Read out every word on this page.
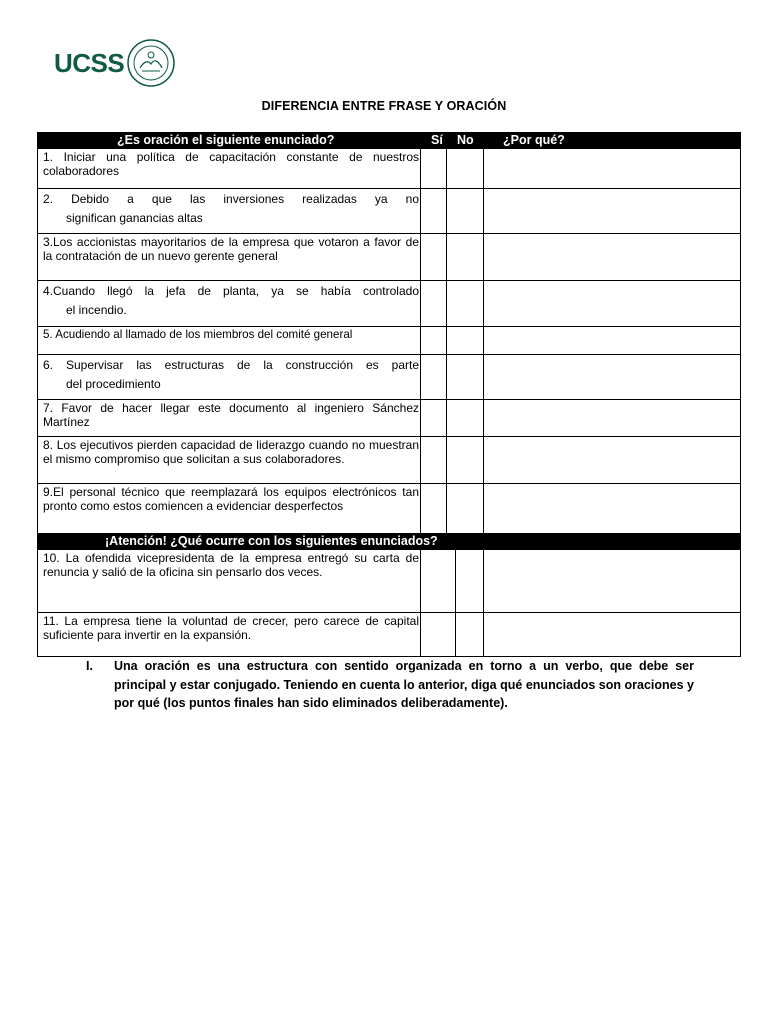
UCSS
DIFERENCIA ENTRE FRASE Y ORACIÓN
¿Es oración el siguiente enunciado?	Sí No ¿Por qué?
1. Iniciar una política de capacitación constante de nuestros colaboradores
2. Debido a que las inversiones realizadas ya no
significan ganancias altas
3.Los accionistas mayoritarios de la empresa que votaron a favor de la contratación de un nuevo gerente general
4.Cuando llegó la jefa de planta, ya se había controlado
el incendio.
5. Acudiendo al llamado de los miembros del comité general
6. Supervisar las estructuras de la construcción es parte
del procedimiento
7. Favor de hacer llegar este documento al ingeniero Sánchez Martínez
8. Los ejecutivos pierden capacidad de liderazgo cuando no muestran el mismo compromiso que solicitan a sus colaboradores.
9.El personal técnico que reemplazará los equipos electrónicos tan pronto como estos comiencen a evidenciar desperfectos
¡Atención! ¿Qué ocurre con los siguientes enunciados?
10. La ofendida vicepresidenta de la empresa entregó su carta de renuncia y salió de la oficina sin pensarlo dos veces.
11. La empresa tiene la voluntad de crecer, pero carece de capital suficiente para invertir en la expansión.
I. Una oración es una estructura con sentido organizada en torno a un verbo, que debe ser principal y estar conjugado. Teniendo en cuenta lo anterior, diga qué enunciados son oraciones y por qué (los puntos finales han sido eliminados deliberadamente).
